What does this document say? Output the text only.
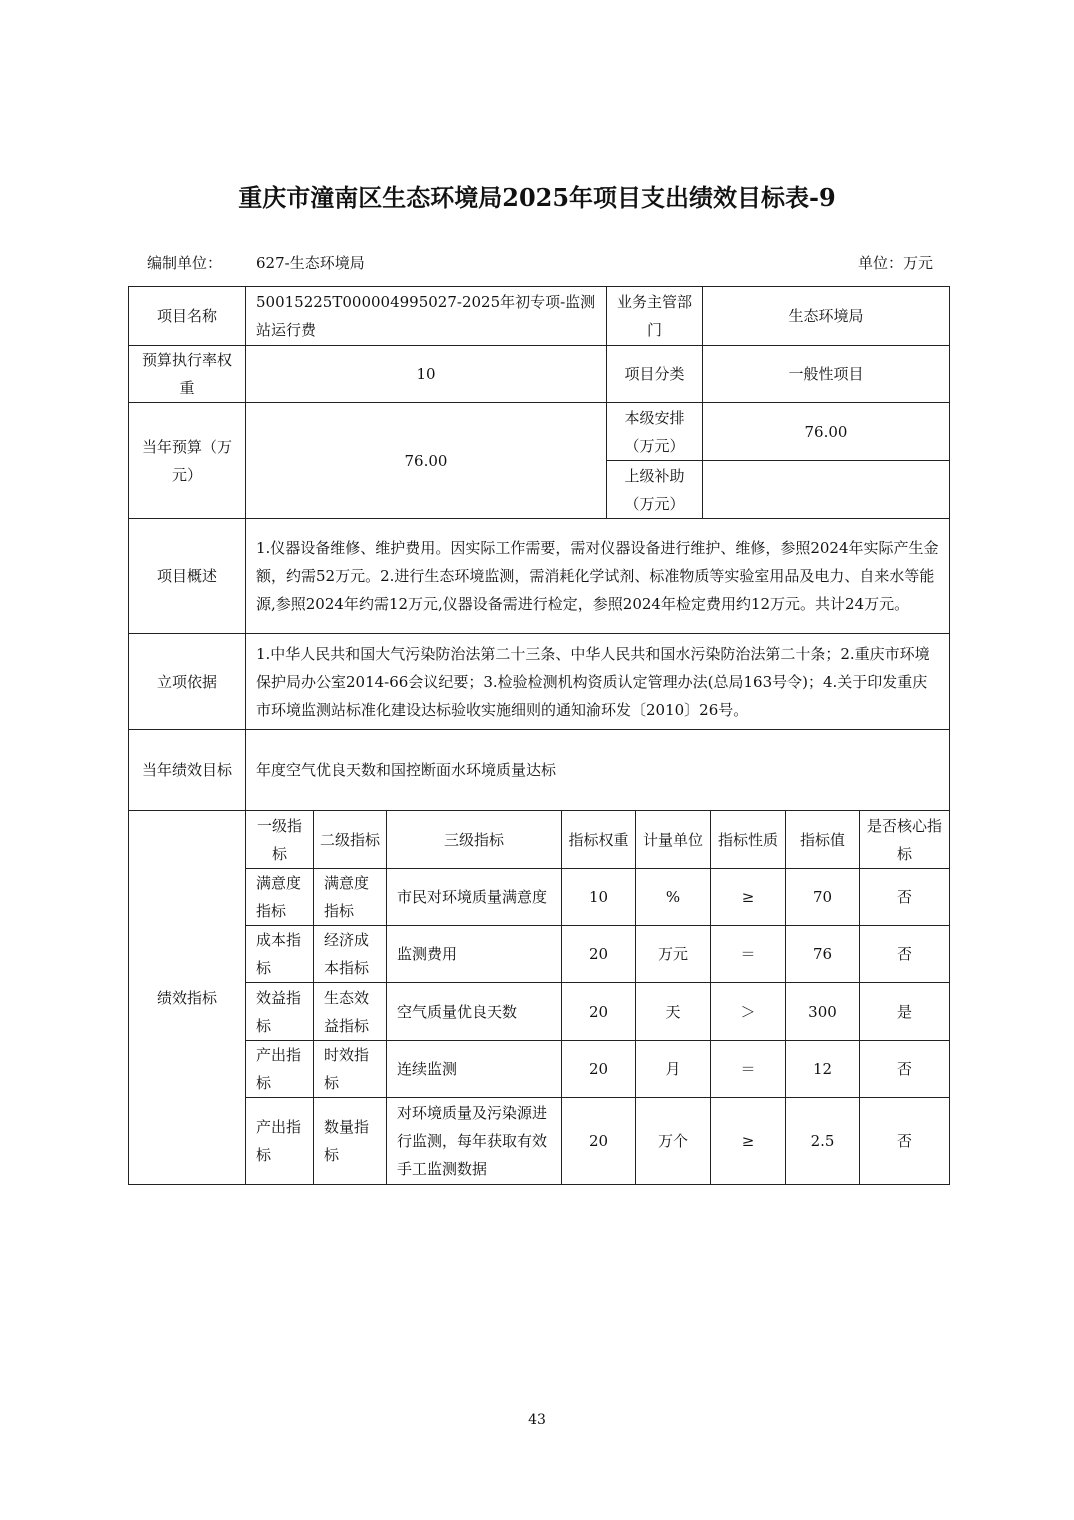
重庆市潼南区生态环境局2025年项目支出绩效目标表-9
编制单位： 627-生态环境局	单位：万元
项目名称	50015225T000004995027-2025年初专项-监测站运行费	业务主管部门	生态环境局
预算执行率权重	10	项目分类	一般性项目
当年预算（万元）	76.00	本级安排（万元）	76.00
		上级补助（万元）	
项目概述	1.仪器设备维修、维护费用。因实际工作需要，需对仪器设备进行维护、维修，参照2024年实际产生金额，约需52万元。2.进行生态环境监测，需消耗化学试剂、标准物质等实验室用品及电力、自来水等能源,参照2024年约需12万元,仪器设备需进行检定，参照2024年检定费用约12万元。共计24万元。		
立项依据	1.中华人民共和国大气污染防治法第二十三条、中华人民共和国水污染防治法第二十条；2.重庆市环境保护局办公室2014-66会议纪要；3.检验检测机构资质认定管理办法(总局163号令)；4.关于印发重庆市环境监测站标准化建设达标验收实施细则的通知渝环发〔2010〕26号。		
当年绩效目标	年度空气优良天数和国控断面水环境质量达标		
绩效指标	一级指标	二级指标	三级指标	指标权重	计量单位	指标性质	指标值	是否核心指标
	满意度指标	满意度指标	市民对环境质量满意度	10	%	≥	70	否
	成本指标	经济成本指标	监测费用	20	万元	＝	76	否
	效益指标	生态效益指标	空气质量优良天数	20	天	＞	300	是
	产出指标	时效指标	连续监测	20	月	＝	12	否
	产出指标	数量指标	对环境质量及污染源进行监测，每年获取有效手工监测数据	20	万个	≥	2.5	否
43
